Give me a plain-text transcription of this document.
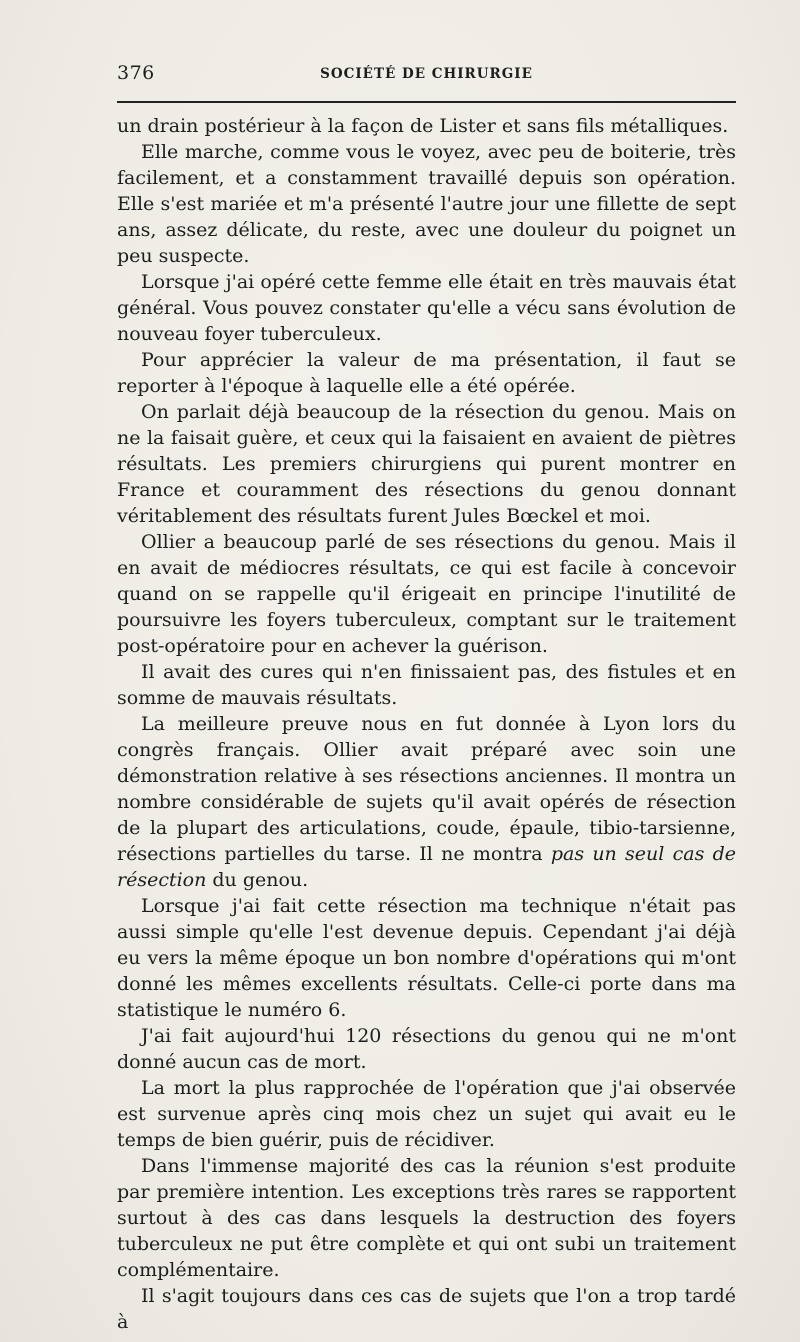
376	SOCIÉTÉ DE CHIRURGIE

un drain postérieur à la façon de Lister et sans fils métalliques.

Elle marche, comme vous le voyez, avec peu de boiterie, très facilement, et a constamment travaillé depuis son opération. Elle s'est mariée et m'a présenté l'autre jour une fillette de sept ans, assez délicate, du reste, avec une douleur du poignet un peu suspecte.

Lorsque j'ai opéré cette femme elle était en très mauvais état général. Vous pouvez constater qu'elle a vécu sans évolution de nouveau foyer tuberculeux.

Pour apprécier la valeur de ma présentation, il faut se reporter à l'époque à laquelle elle a été opérée.

On parlait déjà beaucoup de la résection du genou. Mais on ne la faisait guère, et ceux qui la faisaient en avaient de piètres résultats. Les premiers chirurgiens qui purent montrer en France et couramment des résections du genou donnant véritablement des résultats furent Jules Bœckel et moi.

Ollier a beaucoup parlé de ses résections du genou. Mais il en avait de médiocres résultats, ce qui est facile à concevoir quand on se rappelle qu'il érigeait en principe l'inutilité de poursuivre les foyers tuberculeux, comptant sur le traitement post-opératoire pour en achever la guérison.

Il avait des cures qui n'en finissaient pas, des fistules et en somme de mauvais résultats.

La meilleure preuve nous en fut donnée à Lyon lors du congrès français. Ollier avait préparé avec soin une démonstration relative à ses résections anciennes. Il montra un nombre considérable de sujets qu'il avait opérés de résection de la plupart des articulations, coude, épaule, tibio-tarsienne, résections partielles du tarse. Il ne montra pas un seul cas de résection du genou.

Lorsque j'ai fait cette résection ma technique n'était pas aussi simple qu'elle l'est devenue depuis. Cependant j'ai déjà eu vers la même époque un bon nombre d'opérations qui m'ont donné les mêmes excellents résultats. Celle-ci porte dans ma statistique le numéro 6.

J'ai fait aujourd'hui 120 résections du genou qui ne m'ont donné aucun cas de mort.

La mort la plus rapprochée de l'opération que j'ai observée est survenue après cinq mois chez un sujet qui avait eu le temps de bien guérir, puis de récidiver.

Dans l'immense majorité des cas la réunion s'est produite par première intention. Les exceptions très rares se rapportent surtout à des cas dans lesquels la destruction des foyers tuberculeux ne put être complète et qui ont subi un traitement complémentaire.

Il s'agit toujours dans ces cas de sujets que l'on a trop tardé à
